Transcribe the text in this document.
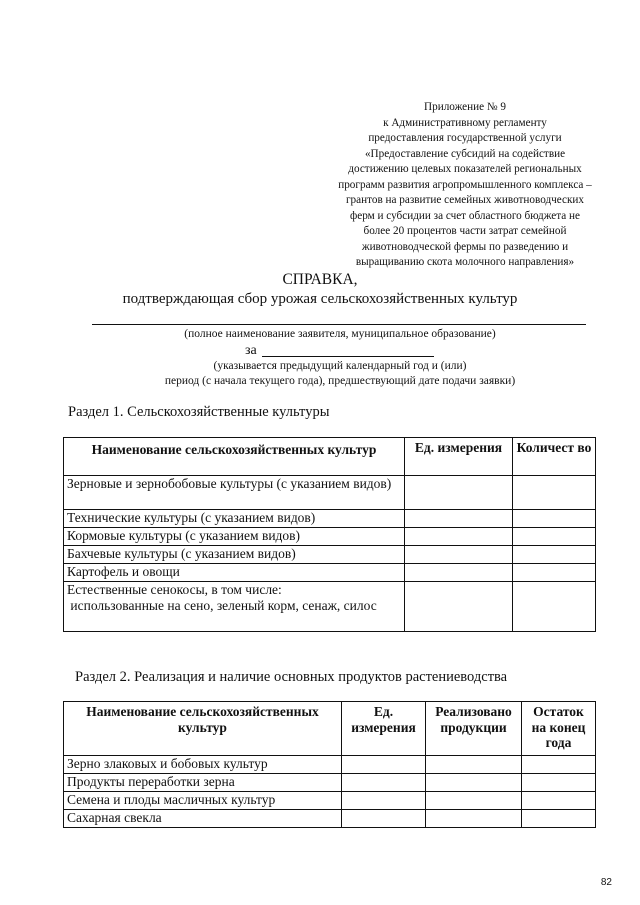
Приложение № 9
к Административному регламенту
предоставления государственной услуги
«Предоставление субсидий на содействие
достижению целевых показателей региональных
программ развития агропромышленного комплекса –
грантов на развитие семейных животноводческих
ферм и субсидии за счет областного бюджета не
более 20 процентов части затрат семейной
животноводческой фермы по разведению и
выращиванию скота молочного направления»
СПРАВКА,
подтверждающая сбор урожая сельскохозяйственных культур
(полное наименование заявителя, муниципальное образование)
за
(указывается предыдущий календарный год и (или)
период (с начала текущего года), предшествующий дате подачи заявки)
Раздел 1. Сельскохозяйственные культуры
Наименование сельскохозяйственных культур	Ед. измерения	Количест во
Зерновые и зернобобовые культуры (с указанием видов)		
Технические культуры (с указанием видов)		
Кормовые культуры (с указанием видов)		
Бахчевые культуры (с указанием видов)		
Картофель и овощи		

Естественные сенокосы, в том числе:
использованные на сено, зеленый корм, сенаж, силос		

Раздел 2. Реализация и наличие основных продуктов растениеводства
Наименование сельскохозяйственных культур	Ед. измерения	Реализовано продукции	Остаток на конец года
Зерно злаковых и бобовых культур			
Продукты переработки зерна			
Семена и плоды масличных культур			
Сахарная свекла			
82
